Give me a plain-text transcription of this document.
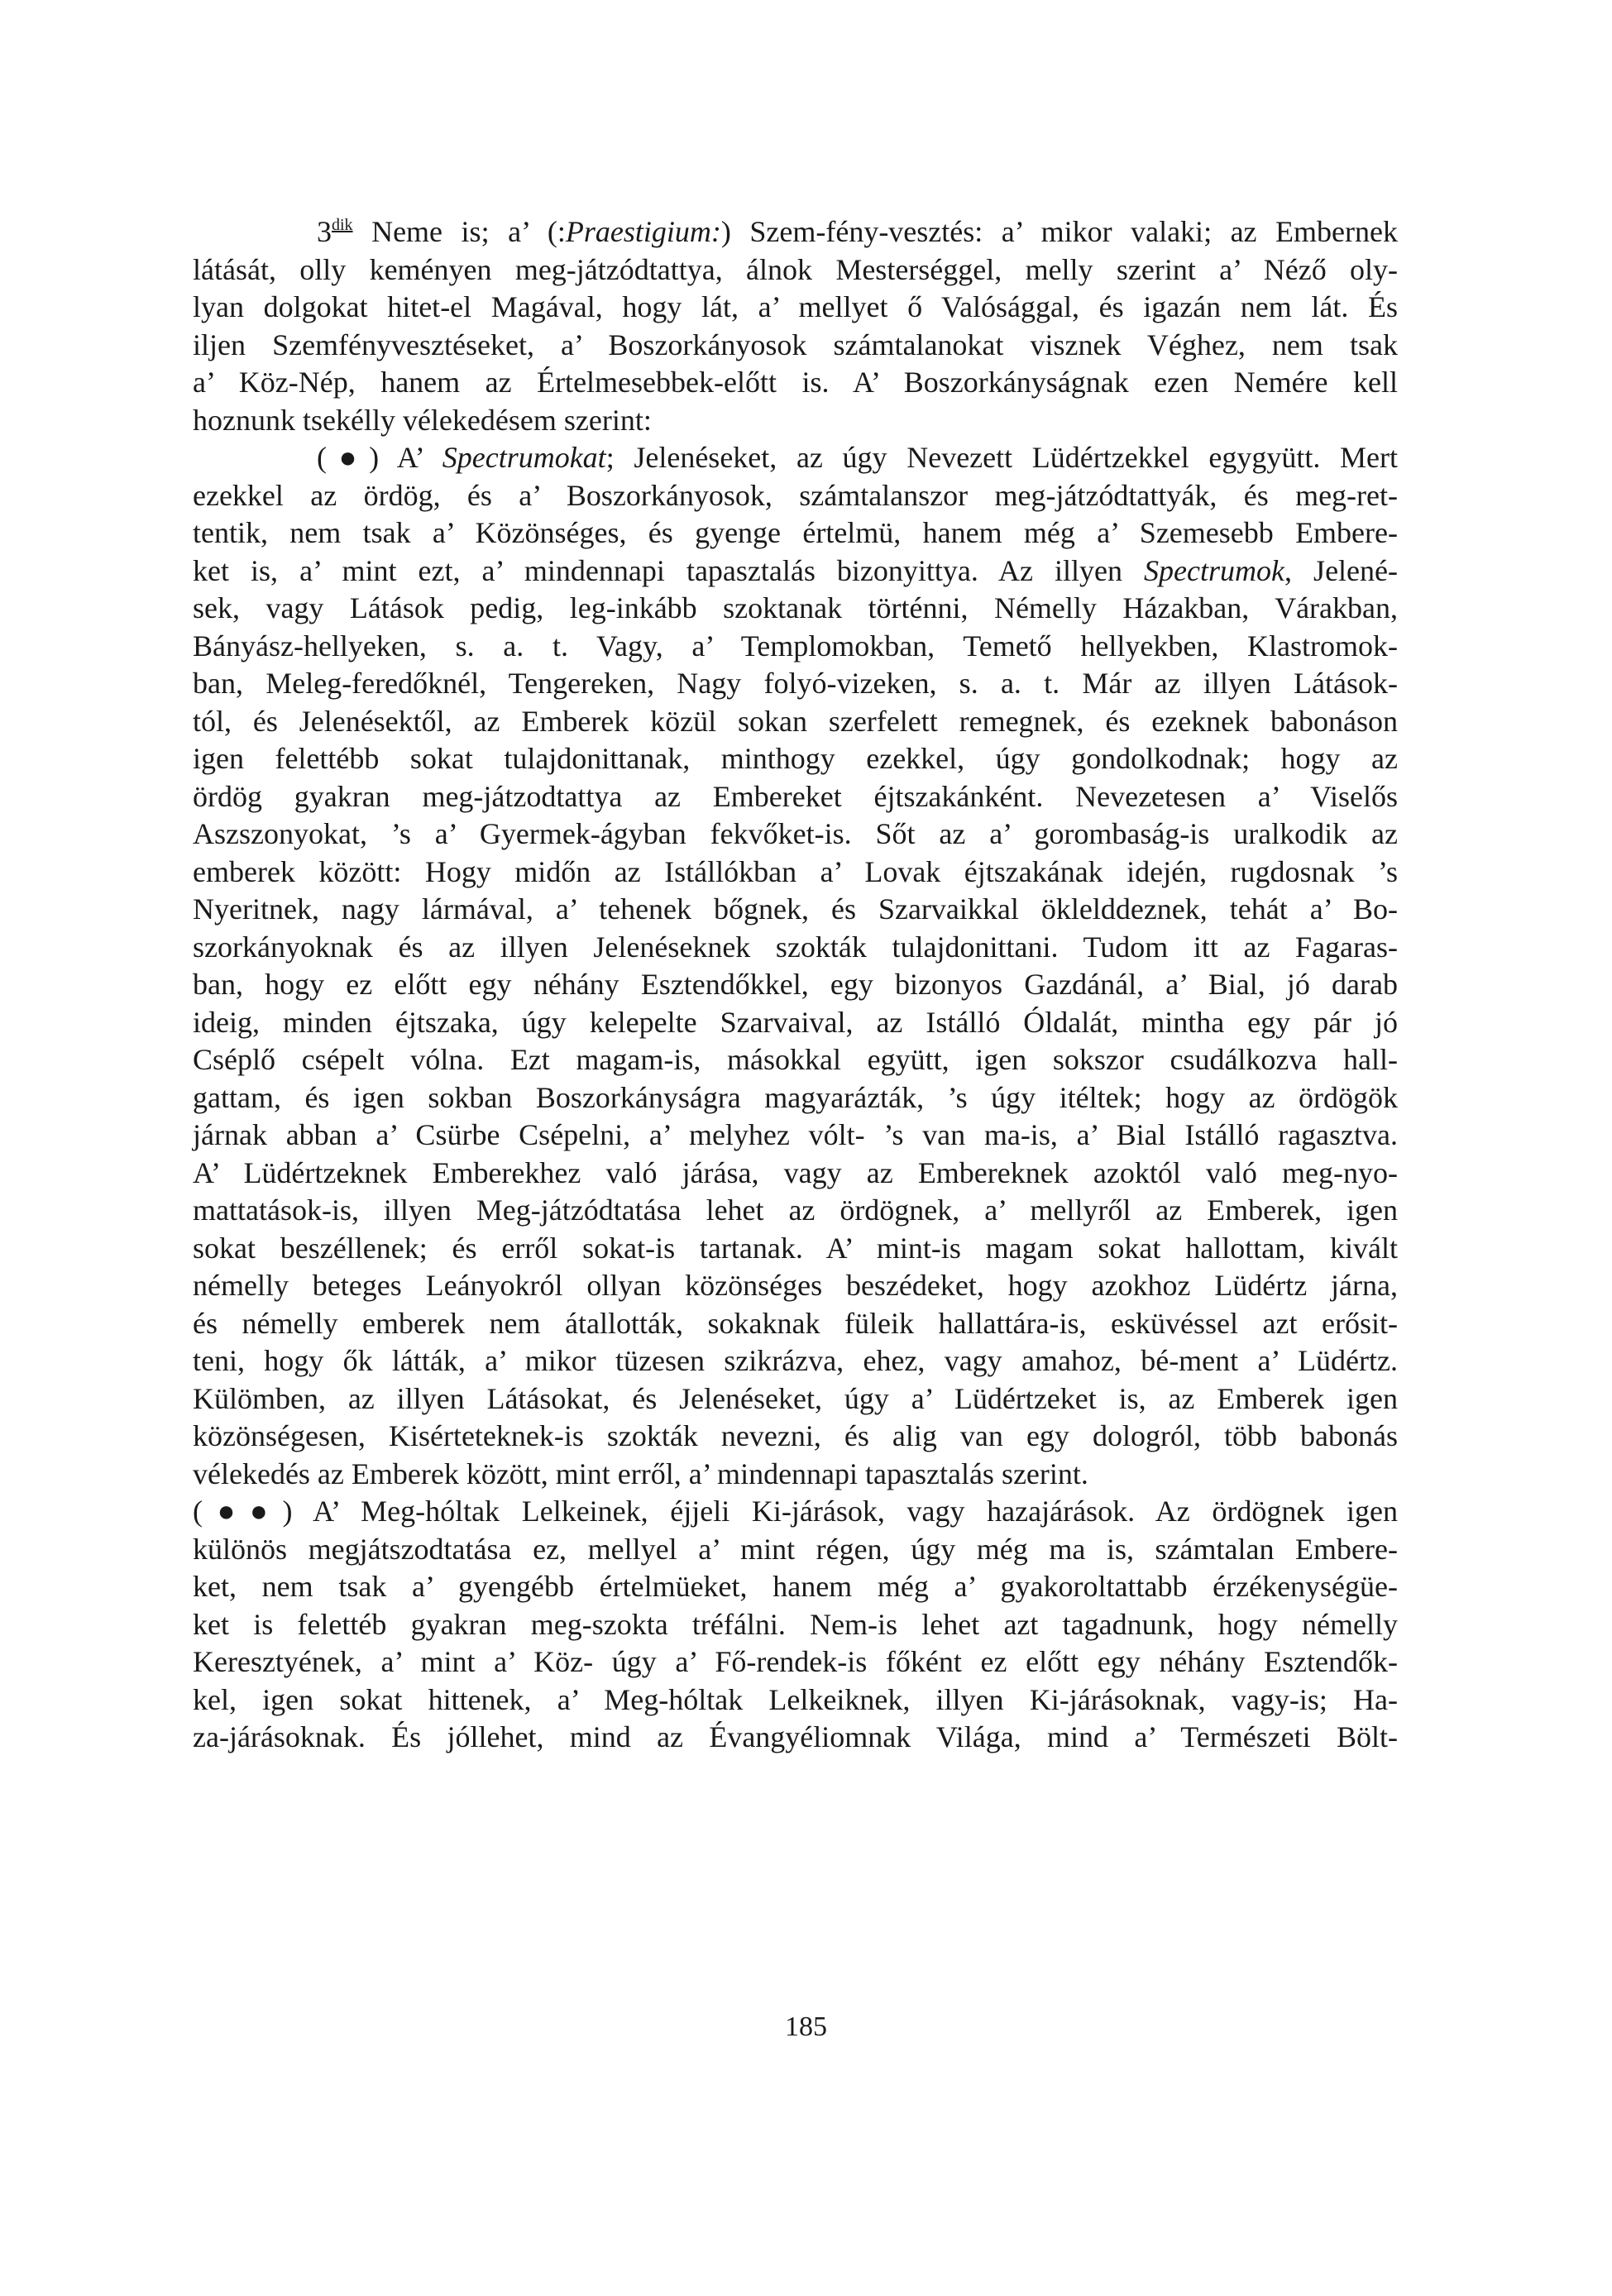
$3^{dik}$ Neme is; a’ (:Praestigium:) Szem-fény-vesztés: a’ mikor valaki; az Embernek
látását, olly keményen meg-játzódtattya, álnok Mesterséggel, melly szerint a’ Néző oly-
lyan dolgokat hitet-el Magával, hogy lát, a’ mellyet ő Valósággal, és igazán nem lát. És
iljen Szemfényvesztéseket, a’ Boszorkányosok számtalanokat visznek Véghez, nem tsak
a’ Köz-Nép, hanem az Értelmesebbek-előtt is. A’ Boszorkányságnak ezen Nemére kell
hoznunk tsekélly vélekedésem szerint:
(●) A’ Spectrumokat; Jelenéseket, az úgy Nevezett Lüdértzekkel egygyütt. Mert
ezekkel az ördög, és a’ Boszorkányosok, számtalanszor meg-játzódtattyák, és meg-ret-
tentik, nem tsak a’ Közönséges, és gyenge értelmü, hanem még a’ Szemesebb Embere-
ket is, a’ mint ezt, a’ mindennapi tapasztalás bizonyittya. Az illyen Spectrumok, Jelené-
sek, vagy Látások pedig, leg-inkább szoktanak történni, Némelly Házakban, Várakban,
Bányász-hellyeken, s. a. t. Vagy, a’ Templomokban, Temető hellyekben, Klastromok-
ban, Meleg-feredőknél, Tengereken, Nagy folyó-vizeken, s. a. t. Már az illyen Látások-
tól, és Jelenésektől, az Emberek közül sokan szerfelett remegnek, és ezeknek babonáson
igen felettébb sokat tulajdonittanak, minthogy ezekkel, úgy gondolkodnak; hogy az
ördög gyakran meg-játzodtattya az Embereket éjtszakánként. Nevezetesen a’ Viselős
Aszszonyokat, ’s a’ Gyermek-ágyban fekvőket-is. Sőt az a’ gorombaság-is uralkodik az
emberek között: Hogy midőn az Istállókban a’ Lovak éjtszakának idején, rugdosnak ’s
Nyeritnek, nagy lármával, a’ tehenek bőgnek, és Szarvaikkal öklelddeznek, tehát a’ Bo-
szorkányoknak és az illyen Jelenéseknek szokták tulajdonittani. Tudom itt az Fagaras-
ban, hogy ez előtt egy néhány Esztendőkkel, egy bizonyos Gazdánál, a’ Bial, jó darab
ideig, minden éjtszaka, úgy kelepelte Szarvaival, az Istálló Óldalát, mintha egy pár jó
Cséplő csépelt vólna. Ezt magam-is, másokkal együtt, igen sokszor csudálkozva hall-
gattam, és igen sokban Boszorkányságra magyarázták, ’s úgy itéltek; hogy az ördögök
járnak abban a’ Csürbe Csépelni, a’ melyhez vólt- ’s van ma-is, a’ Bial Istálló ragasztva.
A’ Lüdértzeknek Emberekhez való járása, vagy az Embereknek azoktól való meg-nyo-
mattatások-is, illyen Meg-játzódtatása lehet az ördögnek, a’ mellyről az Emberek, igen
sokat beszéllenek; és erről sokat-is tartanak. A’ mint-is magam sokat hallottam, kivált
némelly beteges Leányokról ollyan közönséges beszédeket, hogy azokhoz Lüdértz járna,
és némelly emberek nem átallották, sokaknak füleik hallattára-is, esküvéssel azt erősit-
teni, hogy ők látták, a’ mikor tüzesen szikrázva, ehez, vagy amahoz, bé-ment a’ Lüdértz.
Külömben, az illyen Látásokat, és Jelenéseket, úgy a’ Lüdértzeket is, az Emberek igen
közönségesen, Kisérteteknek-is szokták nevezni, és alig van egy dologról, több babonás
vélekedés az Emberek között, mint erről, a’ mindennapi tapasztalás szerint.
(●●) A’ Meg-hóltak Lelkeinek, éjjeli Ki-járások, vagy hazajárások. Az ördögnek igen
különös megjátszodtatása ez, mellyel a’ mint régen, úgy még ma is, számtalan Embere-
ket, nem tsak a’ gyengébb értelmüeket, hanem még a’ gyakoroltattabb érzékenységüe-
ket is felettéb gyakran meg-szokta tréfálni. Nem-is lehet azt tagadnunk, hogy némelly
Keresztyének, a’ mint a’ Köz- úgy a’ Fő-rendek-is főként ez előtt egy néhány Esztendők-
kel, igen sokat hittenek, a’ Meg-hóltak Lelkeiknek, illyen Ki-járásoknak, vagy-is; Ha-
za-járásoknak. És jóllehet, mind az Évangyéliomnak Világa, mind a’ Természeti Bölt-
185
